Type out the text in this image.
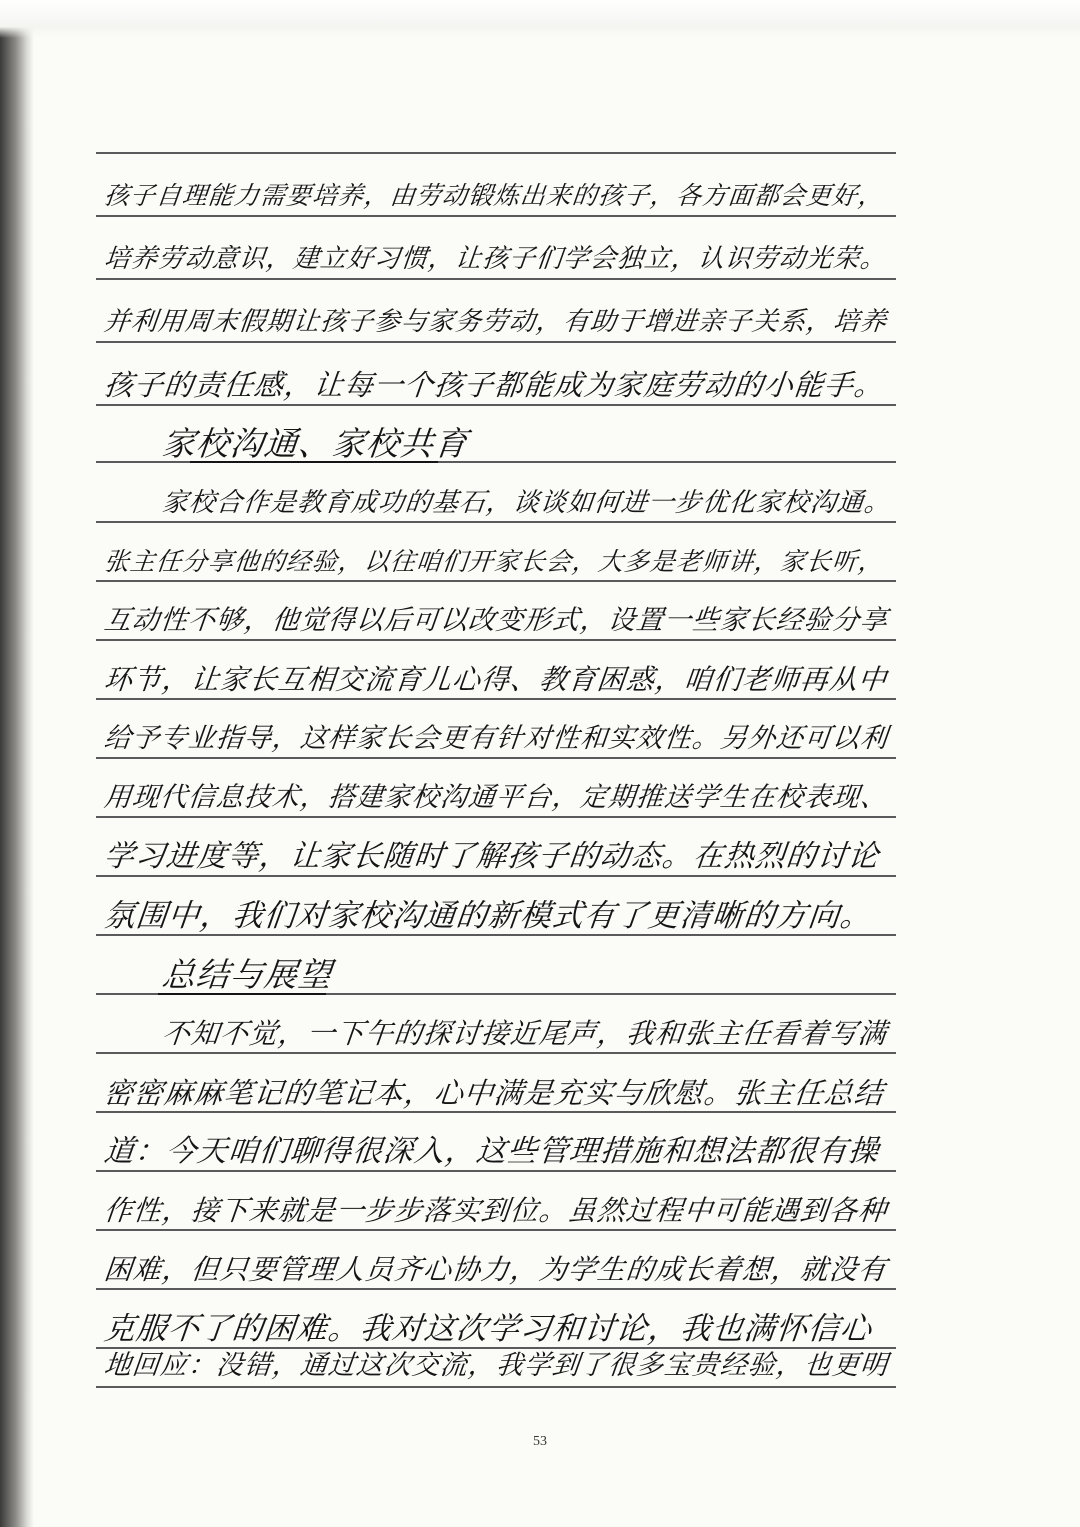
孩子自理能力需要培养，由劳动锻炼出来的孩子，各方面都会更好，
培养劳动意识，建立好习惯，让孩子们学会独立，认识劳动光荣。
并利用周末假期让孩子参与家务劳动，有助于增进亲子关系，培养
孩子的责任感，让每一个孩子都能成为家庭劳动的小能手。
家校沟通、家校共育
家校合作是教育成功的基石，谈谈如何进一步优化家校沟通。
张主任分享他的经验，以往咱们开家长会，大多是老师讲，家长听，
互动性不够，他觉得以后可以改变形式，设置一些家长经验分享
环节，让家长互相交流育儿心得、教育困惑，咱们老师再从中
给予专业指导，这样家长会更有针对性和实效性。另外还可以利
用现代信息技术，搭建家校沟通平台，定期推送学生在校表现、
学习进度等，让家长随时了解孩子的动态。在热烈的讨论
氛围中，我们对家校沟通的新模式有了更清晰的方向。
总结与展望
不知不觉，一下午的探讨接近尾声，我和张主任看着写满
密密麻麻笔记的笔记本，心中满是充实与欣慰。张主任总结
道：今天咱们聊得很深入，这些管理措施和想法都很有操
作性，接下来就是一步步落实到位。虽然过程中可能遇到各种
困难，但只要管理人员齐心协力，为学生的成长着想，就没有
克服不了的困难。我对这次学习和讨论，我也满怀信心
地回应：没错，通过这次交流，我学到了很多宝贵经验，也更明
53
